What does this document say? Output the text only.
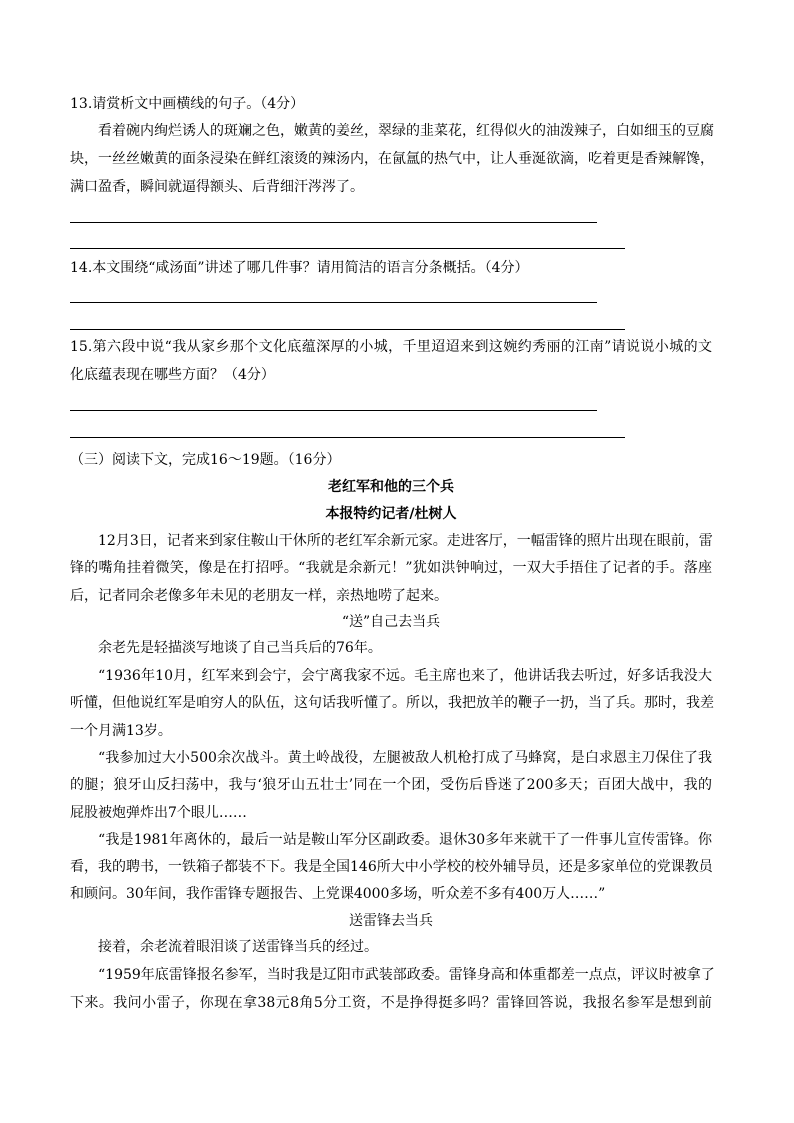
13.请赏析文中画横线的句子。（4分）
看着碗内绚烂诱人的斑斓之色，嫩黄的姜丝，翠绿的韭菜花，红得似火的油泼辣子，白如细玉的豆腐
块，一丝丝嫩黄的面条浸染在鲜红滚烫的辣汤内，在氤氲的热气中，让人垂涎欲滴，吃着更是香辣解馋，
满口盈香，瞬间就逼得额头、后背细汗涔涔了。
14.本文围绕“咸汤面”讲述了哪几件事？请用简洁的语言分条概括。（4分）
15.第六段中说“我从家乡那个文化底蕴深厚的小城，千里迢迢来到这婉约秀丽的江南”请说说小城的文
化底蕴表现在哪些方面？（4分）
（三）阅读下文，完成16～19题。（16分）
老红军和他的三个兵
本报特约记者/杜树人
12月3日，记者来到家住鞍山干休所的老红军余新元家。走进客厅，一幅雷锋的照片出现在眼前，雷
锋的嘴角挂着微笑，像是在打招呼。“我就是余新元！”犹如洪钟响过，一双大手捂住了记者的手。落座
后，记者同余老像多年未见的老朋友一样，亲热地唠了起来。
“送”自己去当兵
余老先是轻描淡写地谈了自己当兵后的76年。
“1936年10月，红军来到会宁，会宁离我家不远。毛主席也来了，他讲话我去听过，好多话我没大
听懂，但他说红军是咱穷人的队伍，这句话我听懂了。所以，我把放羊的鞭子一扔，当了兵。那时，我差
一个月满13岁。
“我参加过大小500余次战斗。黄土岭战役，左腿被敌人机枪打成了马蜂窝，是白求恩主刀保住了我
的腿；狼牙山反扫荡中，我与‘狼牙山五壮士’同在一个团，受伤后昏迷了200多天；百团大战中，我的
屁股被炮弹炸出7个眼儿……
“我是1981年离休的，最后一站是鞍山军分区副政委。退休30多年来就干了一件事儿宣传雷锋。你
看，我的聘书，一铁箱子都装不下。我是全国146所大中小学校的校外辅导员，还是多家单位的党课教员
和顾问。30年间，我作雷锋专题报告、上党课4000多场，听众差不多有400万人……”
送雷锋去当兵
接着，余老流着眼泪谈了送雷锋当兵的经过。
“1959年底雷锋报名参军，当时我是辽阳市武装部政委。雷锋身高和体重都差一点点，评议时被拿了
下来。我问小雷子，你现在拿38元8角5分工资，不是挣得挺多吗？雷锋回答说，我报名参军是想到前
